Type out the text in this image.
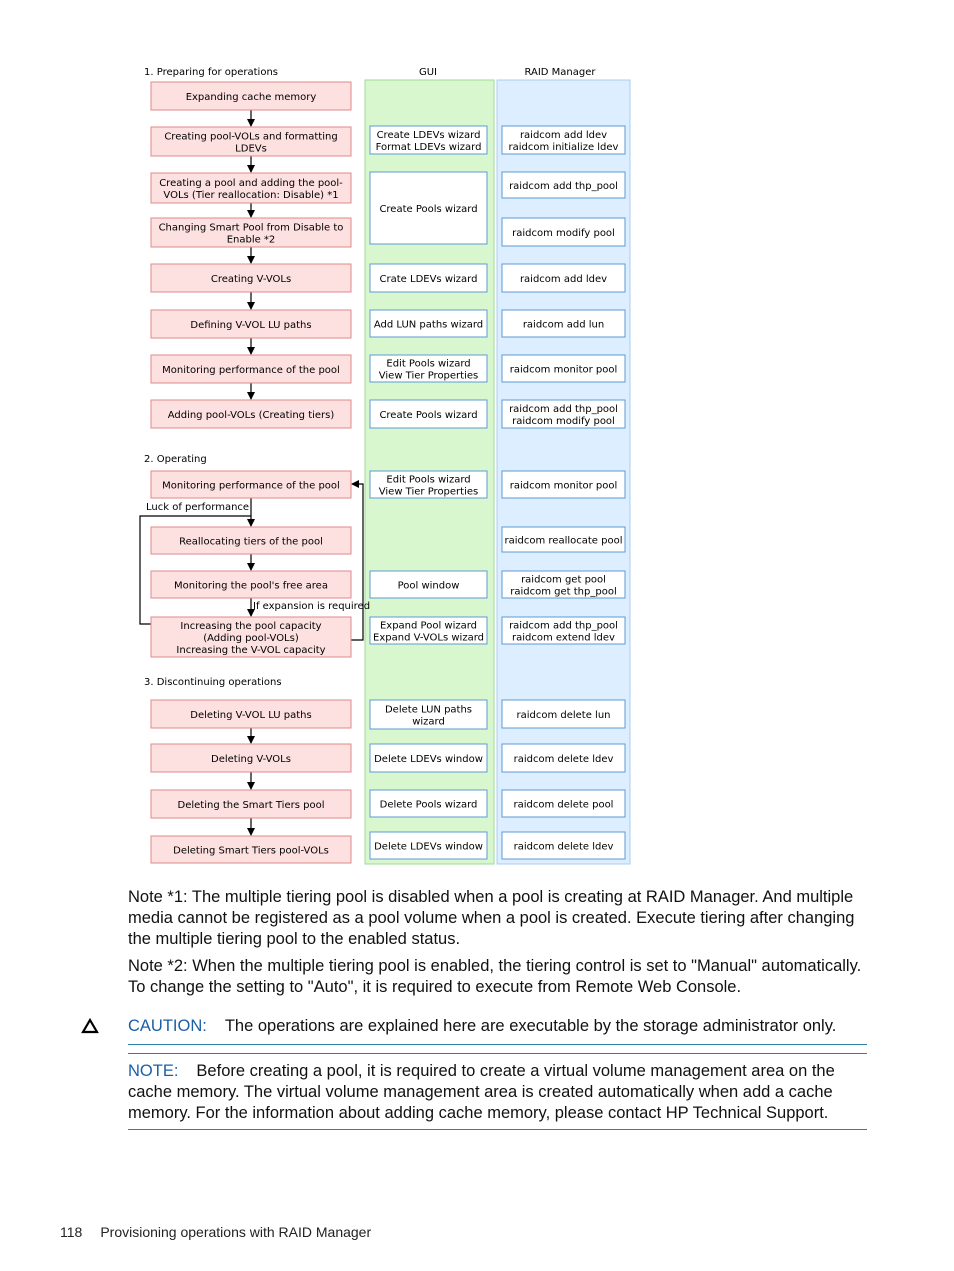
GUI	RAID Manager
1. Preparing for operations
2. Operating
3. Discontinuing operations
Luck of performance
If expansion is required
Expanding cache memory
Creating pool-VOLs and formatting
LDEVs
Creating a pool and adding the pool-
VOLs (Tier reallocation: Disable) *1
Changing Smart Pool from Disable to
Enable *2
Creating V-VOLs
Defining V-VOL LU paths
Monitoring performance of the pool
Adding pool-VOLs (Creating tiers)
Monitoring performance of the pool
Reallocating tiers of the pool
Monitoring the pool's free area
Increasing the pool capacity
(Adding pool-VOLs)
Increasing the V-VOL capacity
Deleting V-VOL LU paths
Deleting V-VOLs
Deleting the Smart Tiers pool
Deleting Smart Tiers pool-VOLs
Create LDEVs wizard
Format LDEVs wizard
Create Pools wizard
Crate LDEVs wizard
Add LUN paths wizard
Edit Pools wizard
View Tier Properties
Create Pools wizard
Edit Pools wizard
View Tier Properties
Pool window
Expand Pool wizard
Expand V-VOLs wizard
Delete LUN paths
wizard
Delete LDEVs window
Delete Pools wizard
Delete LDEVs window
raidcom add ldev
raidcom initialize ldev
raidcom add thp_pool
raidcom modify pool
raidcom add ldev
raidcom add lun
raidcom monitor pool
raidcom add thp_pool
raidcom modify pool
raidcom monitor pool
raidcom reallocate pool
raidcom get pool
raidcom get thp_pool
raidcom add thp_pool
raidcom extend ldev
raidcom delete lun
raidcom delete ldev
raidcom delete pool
raidcom delete ldev
Note *1: The multiple tiering pool is disabled when a pool is creating at RAID Manager. And multiple media cannot be registered as a pool volume when a pool is created. Execute tiering after changing the multiple tiering pool to the enabled status.
Note *2: When the multiple tiering pool is enabled, the tiering control is set to "Manual" automatically. To change the setting to "Auto", it is required to execute from Remote Web Console.
CAUTION: The operations are explained here are executable by the storage administrator only.
NOTE: Before creating a pool, it is required to create a virtual volume management area on the cache memory. The virtual volume management area is created automatically when add a cache memory. For the information about adding cache memory, please contact HP Technical Support.
118 Provisioning operations with RAID Manager
